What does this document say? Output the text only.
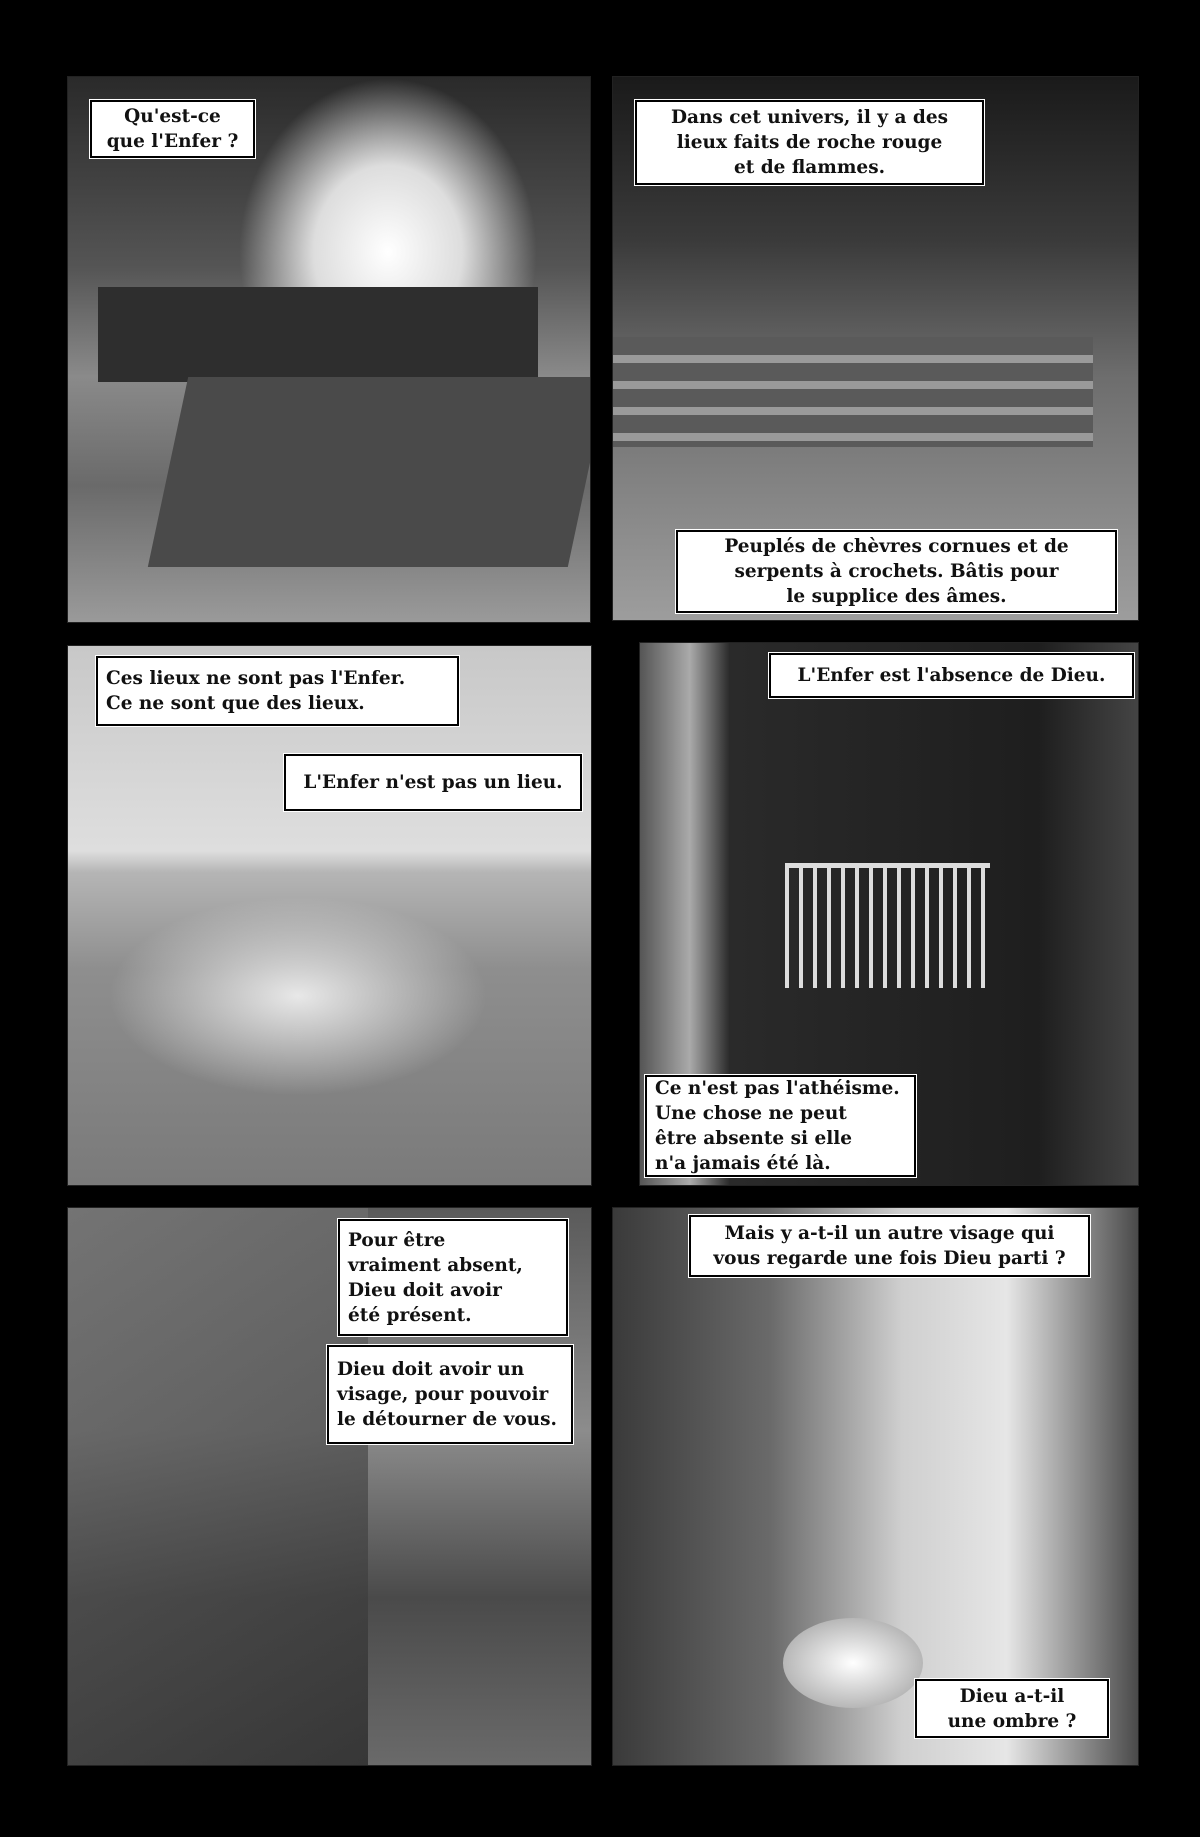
Qu'est-ce
que l'Enfer ?
Dans cet univers, il y a des
lieux faits de roche rouge
et de flammes.
Peuplés de chèvres cornues et de
serpents à crochets. Bâtis pour
le supplice des âmes.
Ces lieux ne sont pas l'Enfer.
Ce ne sont que des lieux.
L'Enfer n'est pas un lieu.
L'Enfer est l'absence de Dieu.
Ce n'est pas l'athéisme.
Une chose ne peut
être absente si elle
n'a jamais été là.
Pour être
vraiment absent,
Dieu doit avoir
été présent.
Dieu doit avoir un
visage, pour pouvoir
le détourner de vous.
Mais y a-t-il un autre visage qui
vous regarde une fois Dieu parti ?
Dieu a-t-il
une ombre ?
